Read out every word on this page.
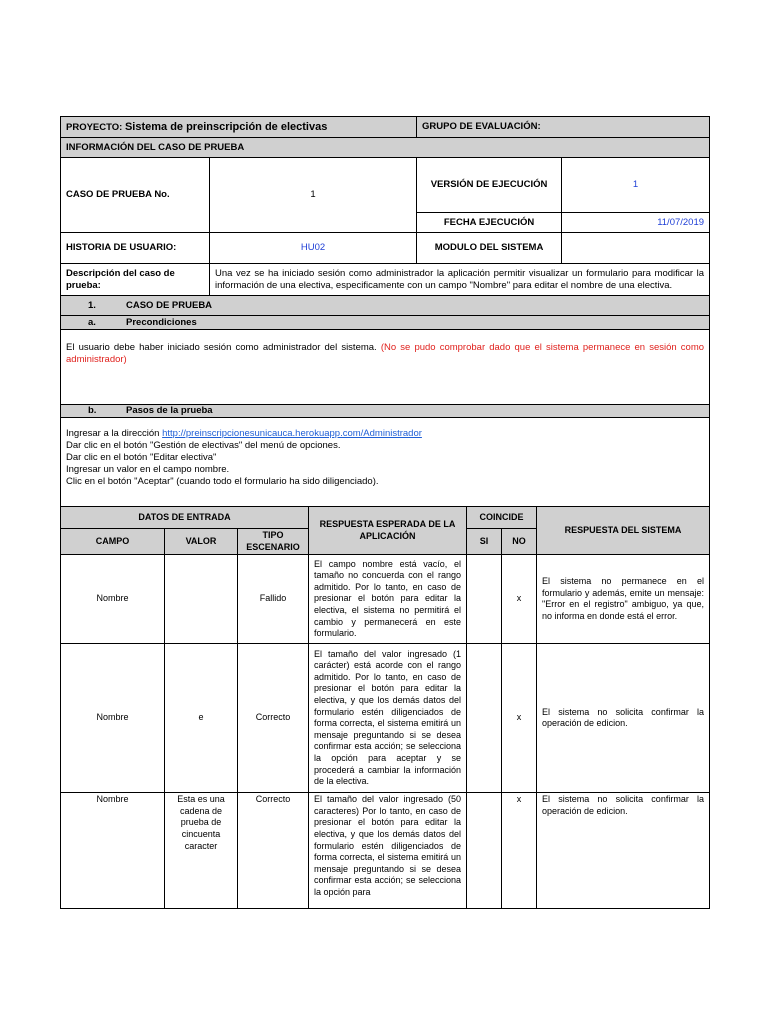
PROYECTO: Sistema de preinscripción de electivas		GRUPO DE EVALUACIÓN:	
INFORMACIÓN DEL CASO DE PRUEBA			
CASO DE PRUEBA No.	1	VERSIÓN DE EJECUCIÓN	1
		FECHA EJECUCIÓN	11/07/2019
HISTORIA DE USUARIO:	HU02	MODULO DEL SISTEMA	
Descripción del caso de prueba:	Una vez se ha iniciado sesión como administrador la aplicación permitir visualizar un formulario para modificar la información de una electiva, especificamente con un campo "Nombre" para editar el nombre de una electiva.		
1. CASO DE PRUEBA			
a. Precondiciones			
El usuario debe haber iniciado sesión como administrador del sistema. (No se pudo comprobar dado que el sistema permanece en sesión como administrador)			
b. Pasos de la prueba			

Ingresar a la dirección http://preinscripcionesunicauca.herokuapp.com/Administrador
Dar clic en el botón "Gestión de electivas" del menú de opciones.
Dar clic en el botón "Editar electiva"
Ingresar un valor en el campo nombre.
Clic en el botón "Aceptar" (cuando todo el formulario ha sido diligenciado).			
DATOS DE ENTRADA			RESPUESTA ESPERADA DE LA APLICACIÓN	COINCIDE		RESPUESTA DEL SISTEMA
CAMPO	VALOR	TIPO ESCENARIO		SI	NO	
Nombre		Fallido	El campo nombre está vacío, el tamaño no concuerda con el rango admitido. Por lo tanto, en caso de presionar el botón para editar la electiva, el sistema no permitirá el cambio y permanecerá en este formulario.		x	El sistema no permanece en el formulario y además, emite un mensaje: "Error en el registro" ambiguo, ya que, no informa en donde está el error.
Nombre	e	Correcto	El tamaño del valor ingresado (1 carácter) está acorde con el rango admitido. Por lo tanto, en caso de presionar el botón para editar la electiva, y que los demás datos del formulario estén diligenciados de forma correcta, el sistema emitirá un mensaje preguntando si se desea confirmar esta acción; se selecciona la opción para aceptar y se procederá a cambiar la información de la electiva.		x	El sistema no solicita confirmar la operación de edicion.
Nombre	Esta es una cadena de prueba de cincuenta caracter	Correcto	El tamaño del valor ingresado (50 caracteres) Por lo tanto, en caso de presionar el botón para editar la electiva, y que los demás datos del formulario estén diligenciados de forma correcta, el sistema emitirá un mensaje preguntando si se desea confirmar esta acción; se selecciona la opción para		x	El sistema no solicita confirmar la operación de edicion.
